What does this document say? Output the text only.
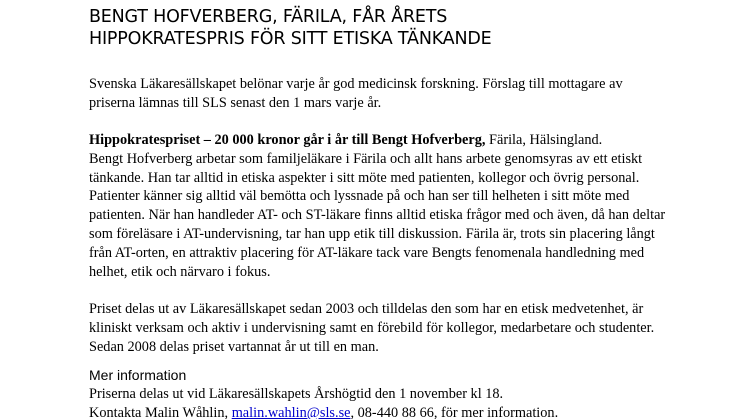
BENGT HOFVERBERG, FÄRILA, FÅR ÅRETS
HIPPOKRATESPRIS FÖR SITT ETISKA TÄNKANDE
Svenska Läkaresällskapet belönar varje år god medicinsk forskning. Förslag till mottagare av
priserna lämnas till SLS senast den 1 mars varje år.
Hippokratespriset – 20 000 kronor går i år till Bengt Hofverberg, Färila, Hälsingland.
Bengt Hofverberg arbetar som familjeläkare i Färila och allt hans arbete genomsyras av ett etiskt
tänkande. Han tar alltid in etiska aspekter i sitt möte med patienten, kollegor och övrig personal.
Patienter känner sig alltid väl bemötta och lyssnade på och han ser till helheten i sitt möte med
patienten. När han handleder AT- och ST-läkare finns alltid etiska frågor med och även, då han deltar
som föreläsare i AT-undervisning, tar han upp etik till diskussion. Färila är, trots sin placering långt
från AT-orten, en attraktiv placering för AT-läkare tack vare Bengts fenomenala handledning med
helhet, etik och närvaro i fokus.
Priset delas ut av Läkaresällskapet sedan 2003 och tilldelas den som har en etisk medvetenhet, är
kliniskt verksam och aktiv i undervisning samt en förebild för kollegor, medarbetare och studenter.
Sedan 2008 delas priset vartannat år ut till en man.
Mer information
Priserna delas ut vid Läkaresällskapets Årshögtid den 1 november kl 18.
Kontakta Malin Wåhlin, malin.wahlin@sls.se, 08-440 88 66, för mer information.
